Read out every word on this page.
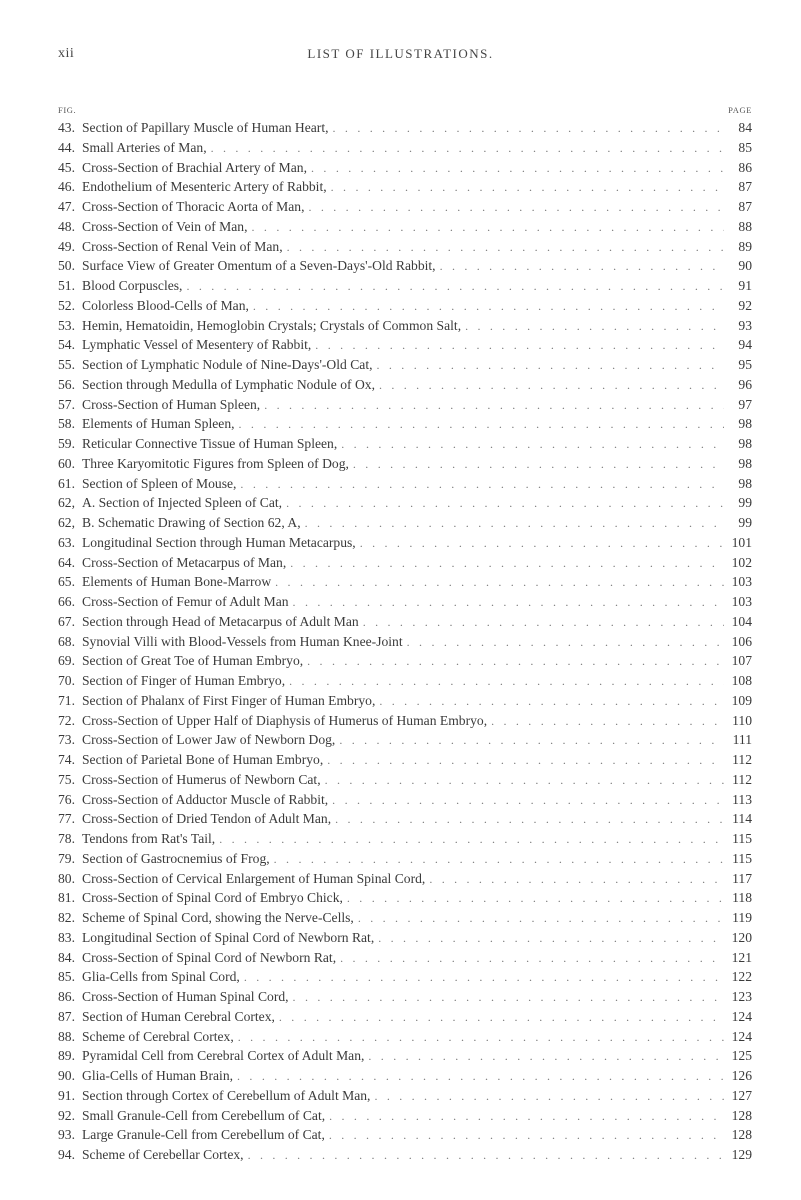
xii	LIST OF ILLUSTRATIONS.
FIG.	PAGE
43. Section of Papillary Muscle of Human Heart, . . .	84
44. Small Arteries of Man, . . .	85
45. Cross-Section of Brachial Artery of Man, . . .	86
46. Endothelium of Mesenteric Artery of Rabbit, . . .	87
47. Cross-Section of Thoracic Aorta of Man, . . .	87
48. Cross-Section of Vein of Man, . . .	88
49. Cross-Section of Renal Vein of Man, . . .	89
50. Surface View of Greater Omentum of a Seven-Days'-Old Rabbit, . . .	90
51. Blood Corpuscles, . . .	91
52. Colorless Blood-Cells of Man, . . .	92
53. Hemin, Hematoidin, Hemoglobin Crystals; Crystals of Common Salt, . . .	93
54. Lymphatic Vessel of Mesentery of Rabbit, . . .	94
55. Section of Lymphatic Nodule of Nine-Days'-Old Cat, . . .	95
56. Section through Medulla of Lymphatic Nodule of Ox, . . .	96
57. Cross-Section of Human Spleen, . . .	97
58. Elements of Human Spleen, . . .	98
59. Reticular Connective Tissue of Human Spleen, . . .	98
60. Three Karyomitotic Figures from Spleen of Dog, . . .	98
61. Section of Spleen of Mouse, . . .	98
62, A. Section of Injected Spleen of Cat, . . .	99
62, B. Schematic Drawing of Section 62, A, . . .	99
63. Longitudinal Section through Human Metacarpus, . . .	101
64. Cross-Section of Metacarpus of Man, . . .	102
65. Elements of Human Bone-Marrow . . .	103
66. Cross-Section of Femur of Adult Man . . .	103
67. Section through Head of Metacarpus of Adult Man . . .	104
68. Synovial Villi with Blood-Vessels from Human Knee-Joint . . .	106
69. Section of Great Toe of Human Embryo, . . .	107
70. Section of Finger of Human Embryo, . . .	108
71. Section of Phalanx of First Finger of Human Embryo, . . .	109
72. Cross-Section of Upper Half of Diaphysis of Humerus of Human Embryo, . . .	110
73. Cross-Section of Lower Jaw of Newborn Dog, . . .	111
74. Section of Parietal Bone of Human Embryo, . . .	112
75. Cross-Section of Humerus of Newborn Cat, . . .	112
76. Cross-Section of Adductor Muscle of Rabbit, . . .	113
77. Cross-Section of Dried Tendon of Adult Man, . . .	114
78. Tendons from Rat's Tail, . . .	115
79. Section of Gastrocnemius of Frog, . . .	115
80. Cross-Section of Cervical Enlargement of Human Spinal Cord, . . .	117
81. Cross-Section of Spinal Cord of Embryo Chick, . . .	118
82. Scheme of Spinal Cord, showing the Nerve-Cells, . . .	119
83. Longitudinal Section of Spinal Cord of Newborn Rat, . . .	120
84. Cross-Section of Spinal Cord of Newborn Rat, . . .	121
85. Glia-Cells from Spinal Cord, . . .	122
86. Cross-Section of Human Spinal Cord, . . .	123
87. Section of Human Cerebral Cortex, . . .	124
88. Scheme of Cerebral Cortex, . . .	124
89. Pyramidal Cell from Cerebral Cortex of Adult Man, . . .	125
90. Glia-Cells of Human Brain, . . .	126
91. Section through Cortex of Cerebellum of Adult Man, . . .	127
92. Small Granule-Cell from Cerebellum of Cat, . . .	128
93. Large Granule-Cell from Cerebellum of Cat, . . .	128
94. Scheme of Cerebellar Cortex, . . .	129
